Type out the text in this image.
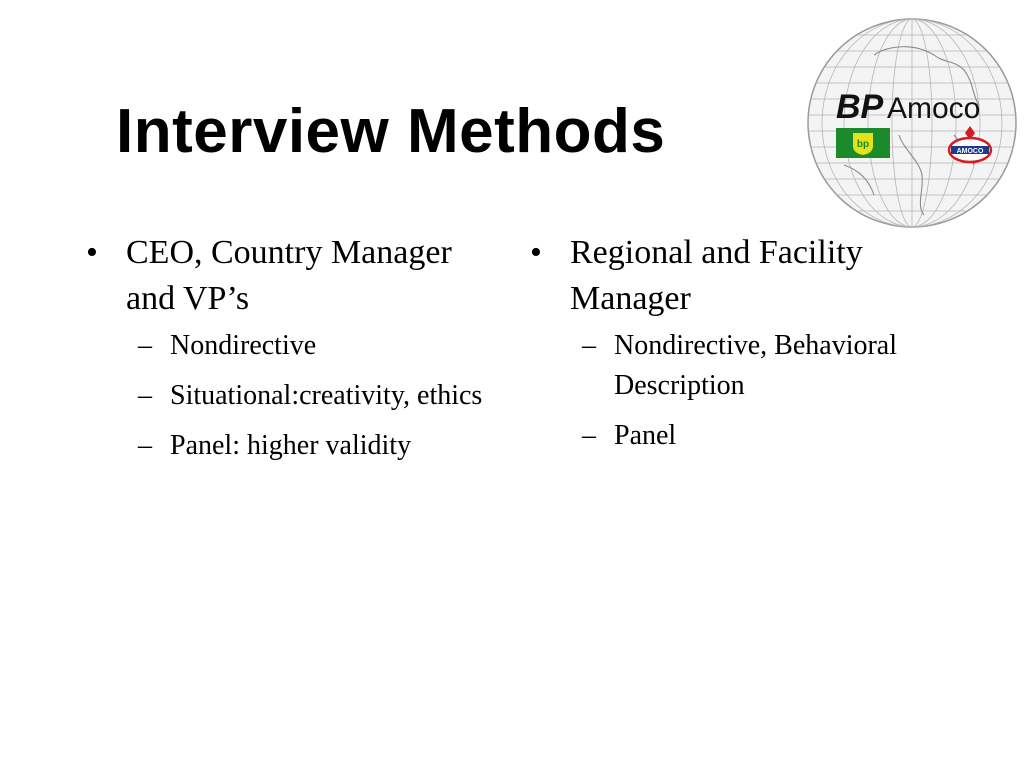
Interview Methods	BP Amoco
bp
AMOCO
• CEO, Country Manager and VP’s
– Nondirective
– Situational:creativity, ethics
– Panel: higher validity
• Regional and Facility Manager
– Nondirective, Behavioral Description
– Panel
